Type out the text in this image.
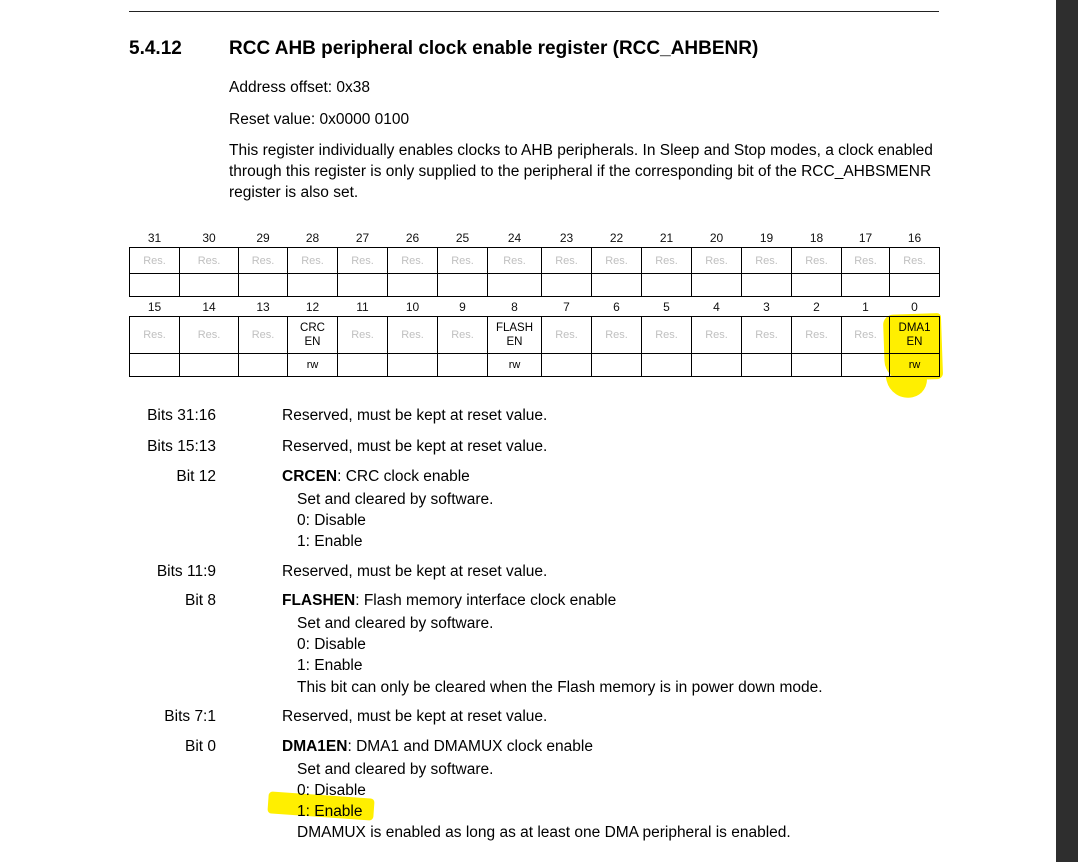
5.4.12 RCC AHB peripheral clock enable register (RCC_AHBENR)
Address offset: 0x38
Reset value: 0x0000 0100
This register individually enables clocks to AHB peripherals. In Sleep and Stop modes, a clock enabled through this register is only supplied to the peripheral if the corresponding bit of the RCC_AHBSMENR register is also set.
31	30	29	28	27	26	25	24	23	22	21	20	19	18	17	16
Res.	Res.	Res.	Res.	Res.	Res.	Res.	Res.	Res.	Res.	Res.	Res.	Res.	Res.	Res.	Res.

15	14	13	12	11	10	9	8	7	6	5	4	3	2	1	0
Res.	Res.	Res.	CRC EN	Res.	Res.	Res.	FLASH EN	Res.	Res.	Res.	Res.	Res.	Res.	Res.	DMA1 EN

			rw				rw								rw
Bits 31:16	Reserved, must be kept at reset value.
Bits 15:13	Reserved, must be kept at reset value.
Bit 12	CRCEN: CRC clock enable
Set and cleared by software.
0: Disable
1: Enable
Bits 11:9	Reserved, must be kept at reset value.
Bit 8	FLASHEN: Flash memory interface clock enable
Set and cleared by software.
0: Disable
1: Enable
This bit can only be cleared when the Flash memory is in power down mode.
Bits 7:1	Reserved, must be kept at reset value.
Bit 0	DMA1EN: DMA1 and DMAMUX clock enable
Set and cleared by software.
0: Disable
1: Enable
DMAMUX is enabled as long as at least one DMA peripheral is enabled.
